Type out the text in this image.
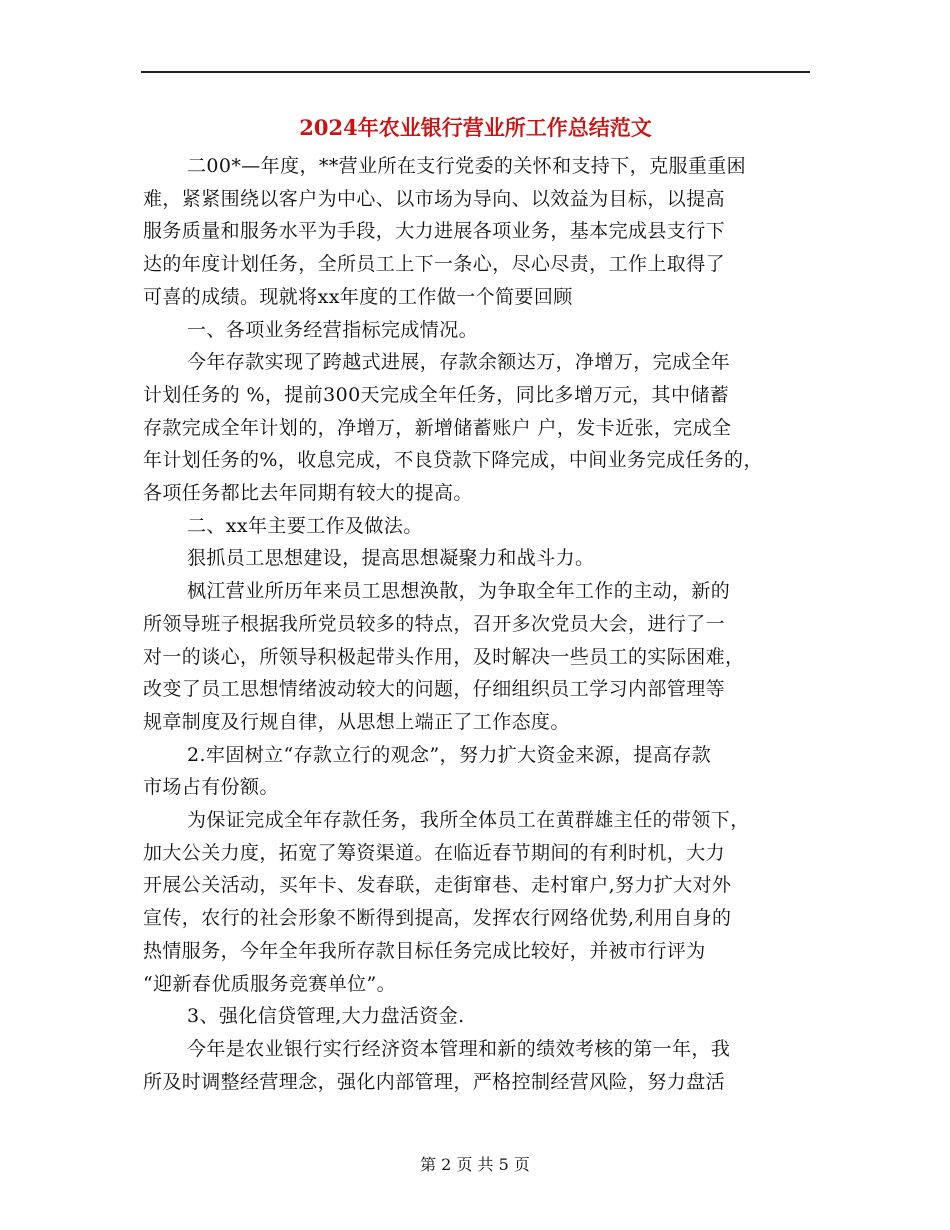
2024年农业银行营业所工作总结范文

二00*—年度，**营业所在支行党委的关怀和支持下，克服重重困
难，紧紧围绕以客户为中心、以市场为导向、以效益为目标，以提高
服务质量和服务水平为手段，大力进展各项业务，基本完成县支行下
达的年度计划任务，全所员工上下一条心，尽心尽责，工作上取得了
可喜的成绩。现就将xx年度的工作做一个简要回顾

一、各项业务经营指标完成情况。

今年存款实现了跨越式进展，存款余额达万，净增万，完成全年
计划任务的 %，提前300天完成全年任务，同比多增万元，其中储蓄
存款完成全年计划的，净增万，新增储蓄账户 户，发卡近张，完成全
年计划任务的%，收息完成，不良贷款下降完成，中间业务完成任务的，
各项任务都比去年同期有较大的提高。

二、xx年主要工作及做法。

狠抓员工思想建设，提高思想凝聚力和战斗力。

枫江营业所历年来员工思想涣散，为争取全年工作的主动，新的
所领导班子根据我所党员较多的特点，召开多次党员大会，进行了一
对一的谈心，所领导积极起带头作用，及时解决一些员工的实际困难，
改变了员工思想情绪波动较大的问题，仔细组织员工学习内部管理等
规章制度及行规自律，从思想上端正了工作态度。

2.牢固树立“存款立行的观念”，努力扩大资金来源，提高存款
市场占有份额。

为保证完成全年存款任务，我所全体员工在黄群雄主任的带领下，
加大公关力度，拓宽了筹资渠道。在临近春节期间的有利时机，大力
开展公关活动，买年卡、发春联，走街窜巷、走村窜户,努力扩大对外
宣传，农行的社会形象不断得到提高，发挥农行网络优势,利用自身的
热情服务，今年全年我所存款目标任务完成比较好，并被市行评为
“迎新春优质服务竞赛单位”。

3、强化信贷管理,大力盘活资金.

今年是农业银行实行经济资本管理和新的绩效考核的第一年，我
所及时调整经营理念，强化内部管理，严格控制经营风险，努力盘活

第 2 页 共 5 页
